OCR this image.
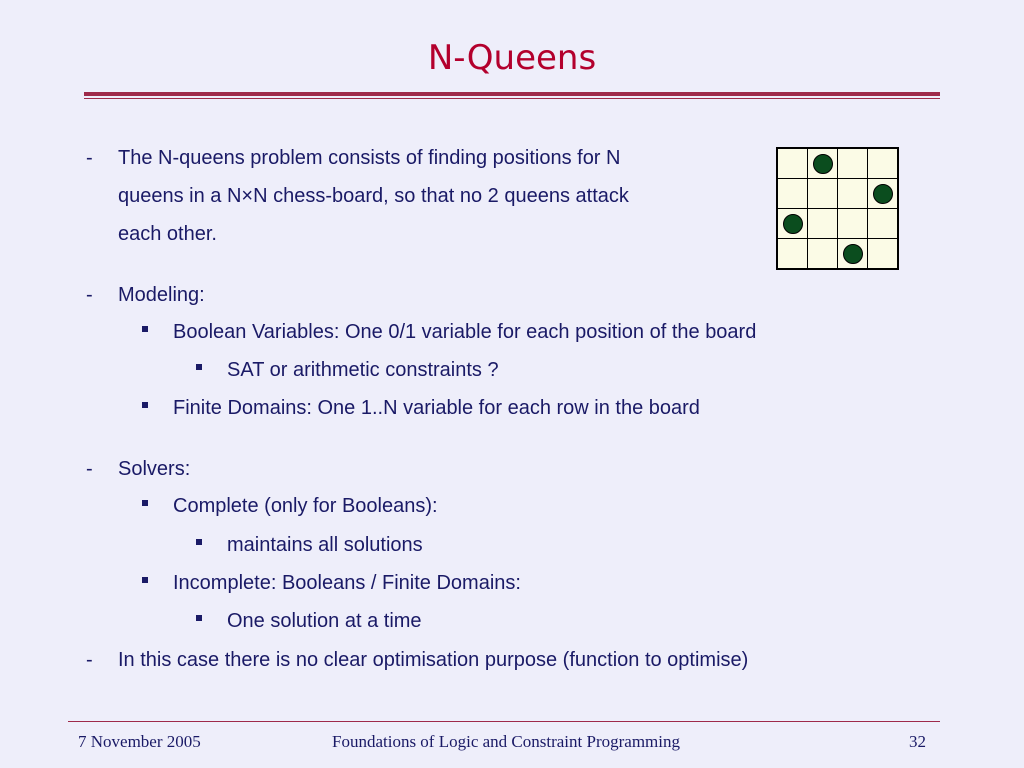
N-Queens
- The N-queens problem consists of finding positions for N
queens in a N×N chess-board, so that no 2 queens attack
each other.
- Modeling:
Boolean Variables: One 0/1 variable for each position of the board
SAT or arithmetic constraints ?
Finite Domains: One 1..N variable for each row in the board
- Solvers:
Complete (only for Booleans):
maintains all solutions
Incomplete: Booleans / Finite Domains:
One solution at a time
- In this case there is no clear optimisation purpose (function to optimise)
7 November 2005	Foundations of Logic and Constraint Programming	32
